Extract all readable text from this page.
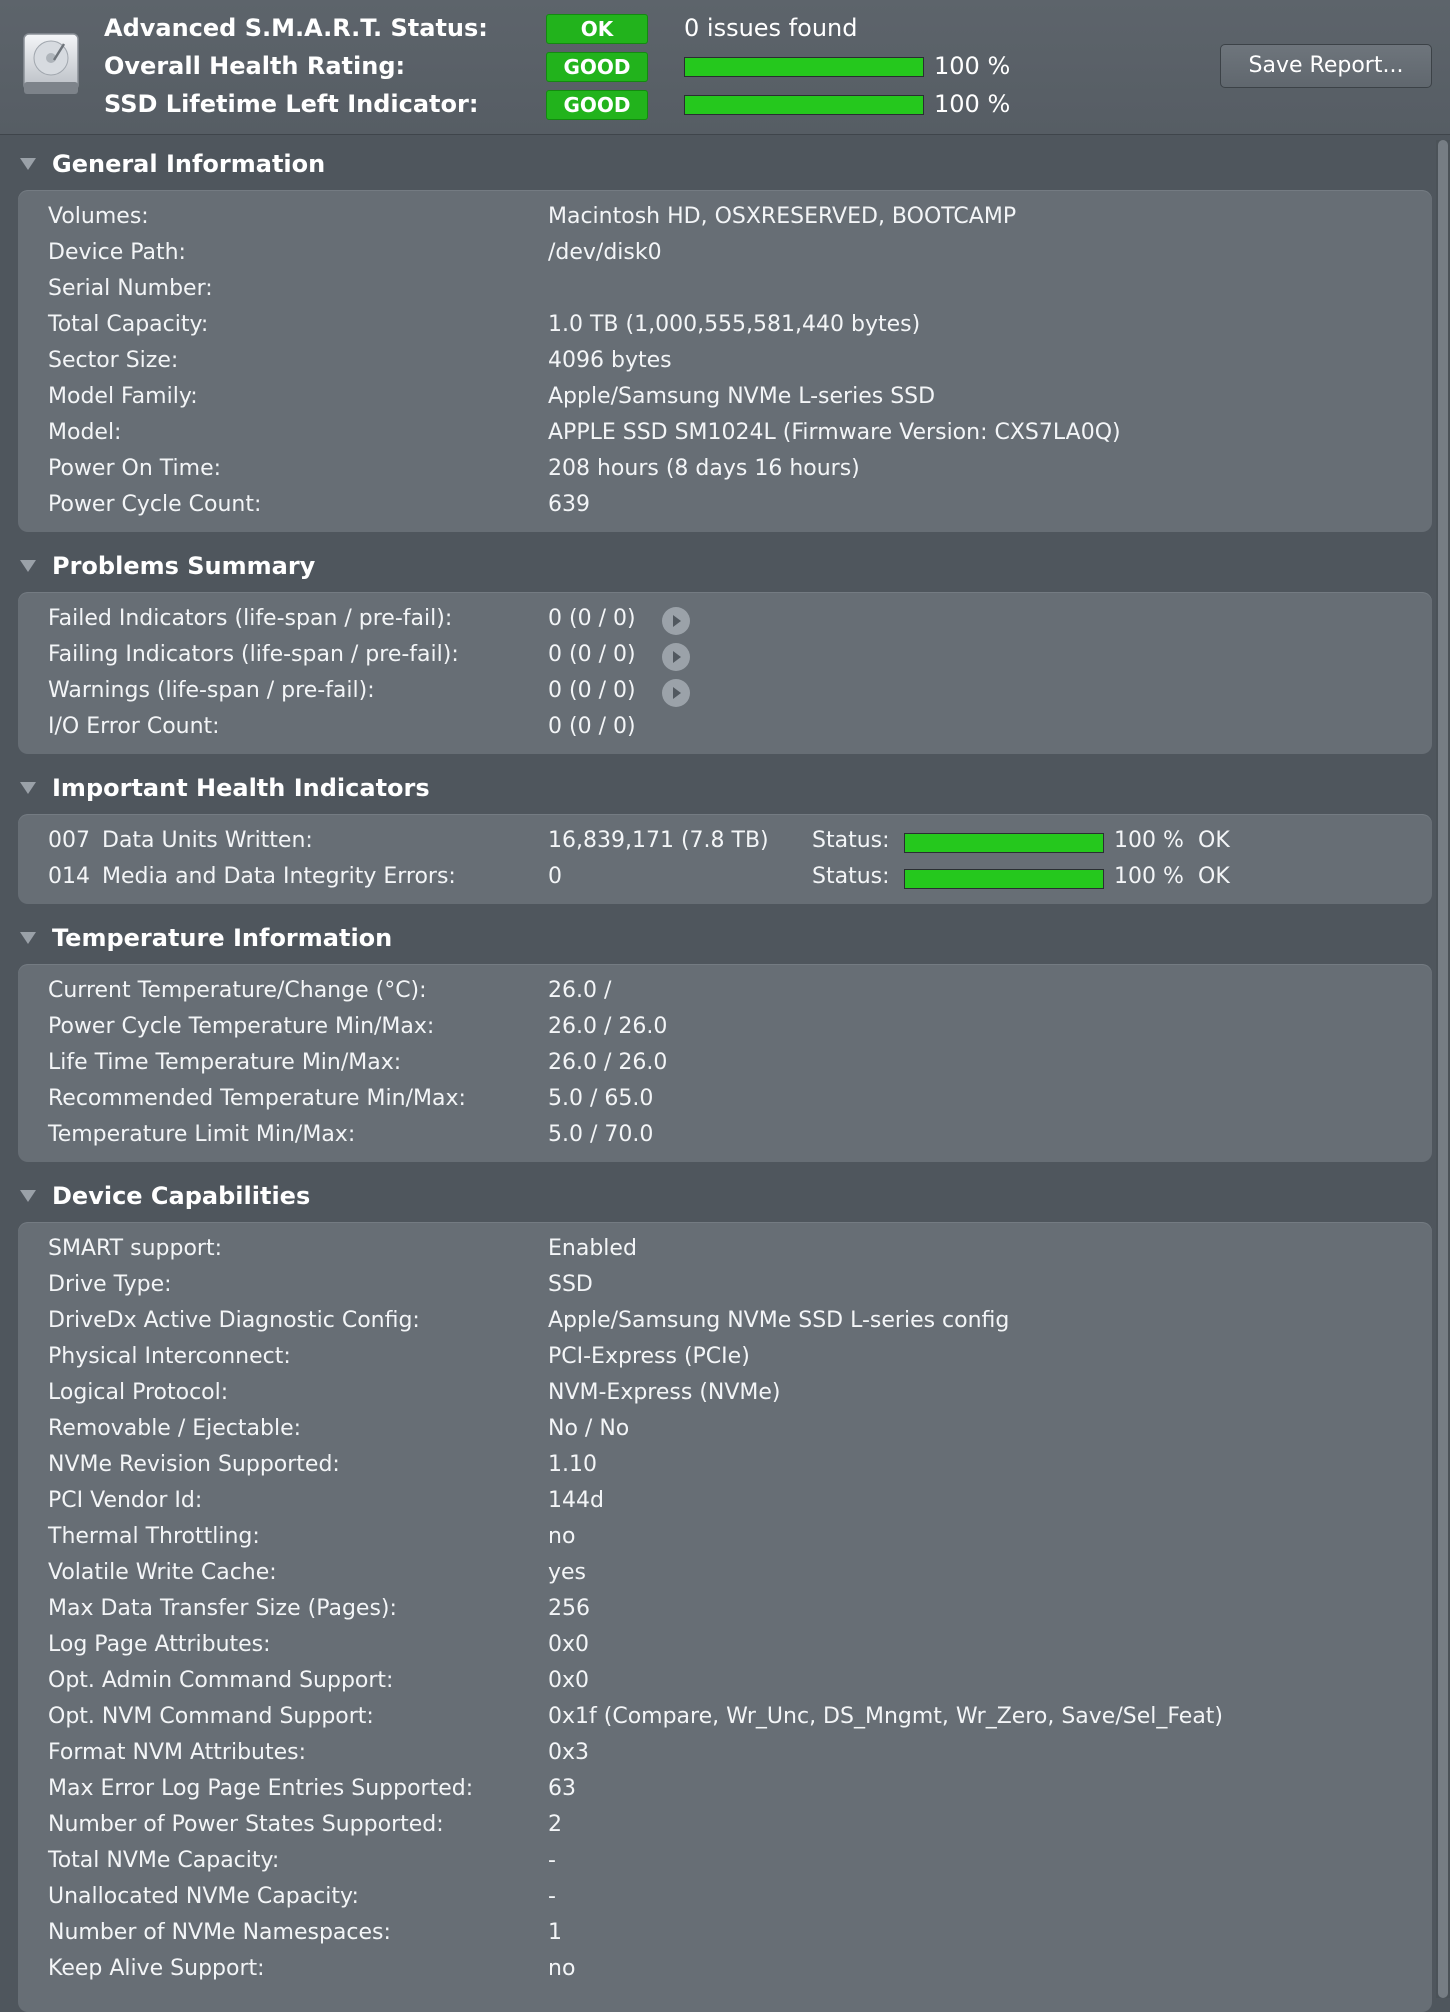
Advanced S.M.A.R.T. Status:	OK	0 issues found
Overall Health Rating:	GOOD	100 %
SSD Lifetime Left Indicator:	GOOD	100 %
Save Report...
General Information
Volumes:	Macintosh HD, OSXRESERVED, BOOTCAMP
Device Path:	/dev/disk0
Serial Number:
Total Capacity:	1.0 TB (1,000,555,581,440 bytes)
Sector Size:	4096 bytes
Model Family:	Apple/Samsung NVMe L-series SSD
Model:	APPLE SSD SM1024L (Firmware Version: CXS7LA0Q)
Power On Time:	208 hours (8 days 16 hours)
Power Cycle Count:	639
Problems Summary
Failed Indicators (life-span / pre-fail):	0 (0 / 0)
Failing Indicators (life-span / pre-fail):	0 (0 / 0)
Warnings (life-span / pre-fail):	0 (0 / 0)
I/O Error Count:	0 (0 / 0)
Important Health Indicators
007 Data Units Written:	16,839,171 (7.8 TB) Status:	100 % OK
014 Media and Data Integrity Errors:	0	Status:	100 % OK
Temperature Information
Current Temperature/Change (°C):	26.0 /
Power Cycle Temperature Min/Max:	26.0 / 26.0
Life Time Temperature Min/Max:	26.0 / 26.0
Recommended Temperature Min/Max:	5.0 / 65.0
Temperature Limit Min/Max:	5.0 / 70.0
Device Capabilities
SMART support:	Enabled
Drive Type:	SSD
DriveDx Active Diagnostic Config:	Apple/Samsung NVMe SSD L-series config
Physical Interconnect:	PCI-Express (PCIe)
Logical Protocol:	NVM-Express (NVMe)
Removable / Ejectable:	No / No
NVMe Revision Supported:	1.10
PCI Vendor Id:	144d
Thermal Throttling:	no
Volatile Write Cache:	yes
Max Data Transfer Size (Pages):	256
Log Page Attributes:	0x0
Opt. Admin Command Support:	0x0
Opt. NVM Command Support:	0x1f (Compare, Wr_Unc, DS_Mngmt, Wr_Zero, Save/Sel_Feat)
Format NVM Attributes:	0x3
Max Error Log Page Entries Supported:	63
Number of Power States Supported:	2
Total NVMe Capacity:	-
Unallocated NVMe Capacity:	-
Number of NVMe Namespaces:	1
Keep Alive Support:	no
